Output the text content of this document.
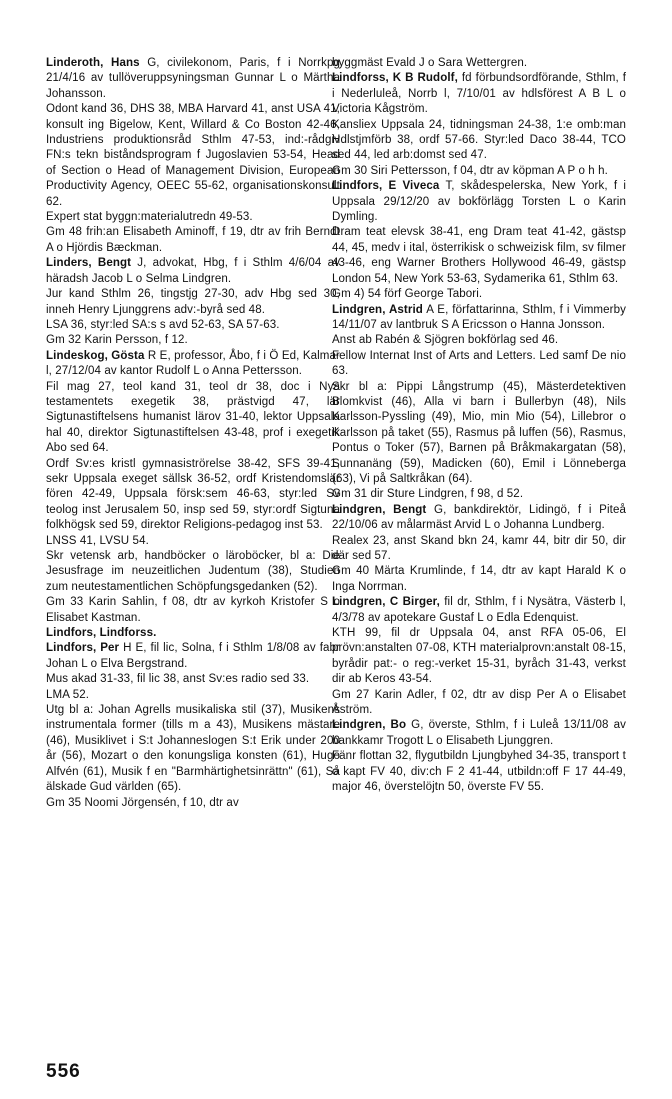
Linderoth, Hans G, civilekonom, Paris, f i Norrkpg 21/4/16 av tullöveruppsyningsman Gunnar L o Märtha Johansson.

Odont kand 36, DHS 38, MBA Harvard 41, anst USA 41, konsult ing Bigelow, Kent, Willard & Co Boston 42-46, Industriens produktionsråd Sthlm 47-53, ind:-rådgiv FN:s tekn biståndsprogram f Jugoslavien 53-54, Head of Section o Head of Management Division, European Productivity Agency, OEEC 55-62, organisationskonsult 62.

Expert stat byggn:materialutredn 49-53.

Gm 48 frih:an Elisabeth Aminoff, f 19, dtr av frih Berndt A o Hjördis Bæckman.

Linders, Bengt J, advokat, Hbg, f i Sthlm 4/6/04 av häradsh Jacob L o Selma Lindgren.

Jur kand Sthlm 26, tingstjg 27-30, adv Hbg sed 30, inneh Henry Ljunggrens adv:-byrå sed 48.

LSA 36, styr:led SA:s s avd 52-63, SA 57-63.

Gm 32 Karin Persson, f 12.

Lindeskog, Gösta R E, professor, Åbo, f i Ö Ed, Kalmar l, 27/12/04 av kantor Rudolf L o Anna Pettersson.

Fil mag 27, teol kand 31, teol dr 38, doc i Nya testamentets exegetik 38, prästvigd 47, lär Sigtunastiftelsens humanist lärov 31-40, lektor Uppsala hal 40, direktor Sigtunastiftelsen 43-48, prof i exegetik Abo sed 64.

Ordf Sv:es kristl gymnasiströrelse 38-42, SFS 39-41, sekr Uppsala exeget sällsk 36-52, ordf Kristendomslär fören 42-49, Uppsala försk:sem 46-63, styr:led Sv teolog inst Jerusalem 50, insp sed 59, styr:ordf Sigtuna folkhögsk sed 59, direktor Religions-pedagog inst 53.

LNSS 41, LVSU 54.

Skr vetensk arb, handböcker o läroböcker, bl a: Die Jesusfrage im neuzeitlichen Judentum (38), Studien zum neutestamentlichen Schöpfungsgedanken (52).

Gm 33 Karin Sahlin, f 08, dtr av kyrkoh Kristofer S o Elisabet Kastman.

Lindfors, Lindforss.

Lindfors, Per H E, fil lic, Solna, f i Sthlm 1/8/08 av fabr Johan L o Elva Bergstrand.

Mus akad 31-33, fil lic 38, anst Sv:es radio sed 33.

LMA 52.

Utg bl a: Johan Agrells musikaliska stil (37), Musikens instrumentala former (tills m a 43), Musikens mästare (46), Musiklivet i S:t Johanneslogen S:t Erik under 200 år (56), Mozart o den konungsliga konsten (61), Hugo Alfvén (61), Musik f en "Barmhärtighetsinrättn" (61), Så älskade Gud världen (65).

Gm 35 Noomi Jörgensén, f 10, dtr av

byggmäst Evald J o Sara Wettergren.

Lindforss, K B Rudolf, fd förbundsordförande, Sthlm, f i Nederluleå, Norrb l, 7/10/01 av hdlsförest A B L o Victoria Kågström.

Kansliex Uppsala 24, tidningsman 24-38, 1:e omb:man Hdlstjmförb 38, ordf 57-66. Styr:led Daco 38-44, TCO sed 44, led arb:domst sed 47.

Gm 30 Siri Pettersson, f 04, dtr av köpman A P o h h.

Lindfors, E Viveca T, skådespelerska, New York, f i Uppsala 29/12/20 av bokförlägg Torsten L o Karin Dymling.

Dram teat elevsk 38-41, eng Dram teat 41-42, gästsp 44, 45, medv i ital, österrikisk o schweizisk film, sv filmer 43-46, eng Warner Brothers Hollywood 46-49, gästsp London 54, New York 53-63, Sydamerika 61, Sthlm 63.

Gm 4) 54 förf George Tabori.

Lindgren, Astrid A E, författarinna, Sthlm, f i Vimmerby 14/11/07 av lantbruk S A Ericsson o Hanna Jonsson.

Anst ab Rabén & Sjögren bokförlag sed 46.

Fellow Internat Inst of Arts and Letters. Led samf De nio 63.

Skr bl a: Pippi Långstrump (45), Mästerdetektiven Blomkvist (46), Alla vi barn i Bullerbyn (48), Nils Karlsson-Pyssling (49), Mio, min Mio (54), Lillebror o Karlsson på taket (55), Rasmus på luffen (56), Rasmus, Pontus o Toker (57), Barnen på Bråkmakargatan (58), Sunnanäng (59), Madicken (60), Emil i Lönneberga (63), Vi på Saltkråkan (64).

Gm 31 dir Sture Lindgren, f 98, d 52.

Lindgren, Bengt G, bankdirektör, Lidingö, f i Piteå 22/10/06 av målarmäst Arvid L o Johanna Lundberg.

Realex 23, anst Skand bkn 24, kamr 44, bitr dir 50, dir där sed 57.

Gm 40 Märta Krumlinde, f 14, dtr av kapt Harald K o Inga Norrman.

Lindgren, C Birger, fil dr, Sthlm, f i Nysätra, Västerb l, 4/3/78 av apotekare Gustaf L o Edla Edenquist.

KTH 99, fil dr Uppsala 04, anst RFA 05-06, El prövn:anstalten 07-08, KTH materialprovn:anstalt 08-15, byrådir pat:- o reg:-verket 15-31, byråch 31-43, verkst dir ab Keros 43-54.

Gm 27 Karin Adler, f 02, dtr av disp Per A o Elisabet Åström.

Lindgren, Bo G, överste, Sthlm, f i Luleå 13/11/08 av bankkamr Trogott L o Elisabeth Ljunggren.

Fänr flottan 32, flygutbildn Ljungbyhed 34-35, transport t o kapt FV 40, div:ch F 2 41-44, utbildn:off F 17 44-49, major 46, överstelöjtn 50, överste FV 55.

556
